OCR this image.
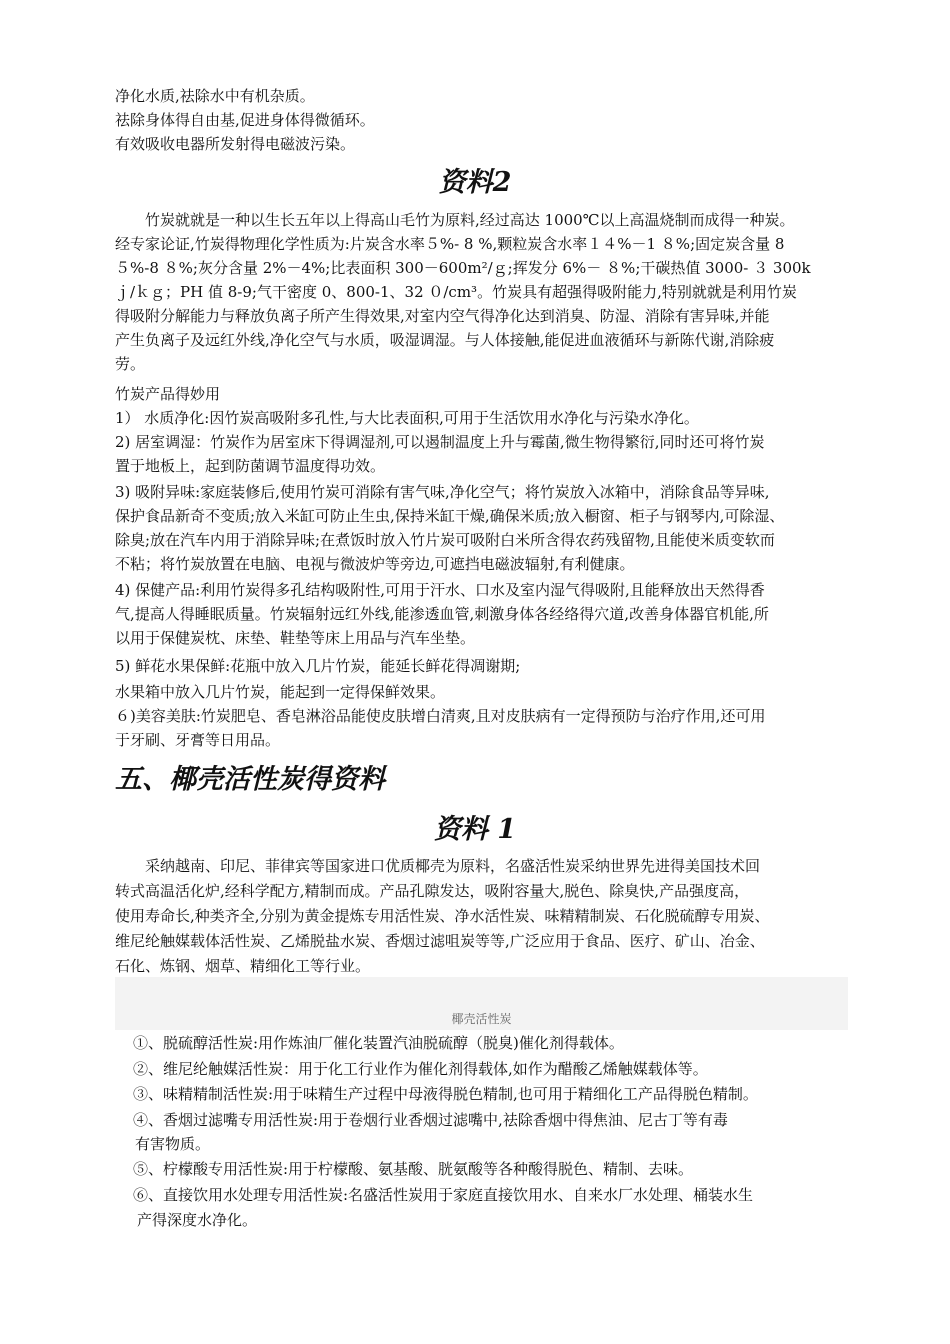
净化水质,祛除水中有机杂质。
祛除身体得自由基,促进身体得微循环。
有效吸收电器所发射得电磁波污染。
资料2
　　竹炭就就是一种以生长五年以上得高山毛竹为原料,经过高达 1000℃以上高温烧制而成得一种炭。
经专家论证,竹炭得物理化学性质为:片炭含水率５%- 8 %,颗粒炭含水率１４%－1 ８%;固定炭含量 8
５%-8 ８%;灰分含量 2%－4%;比表面积 300－600m²/ｇ;挥发分 6%－ ８%;干碳热值 3000- ３ 300k
ｊ/ｋｇ；PH 值 8-9;气干密度 0、800-1、32 ０/cm³。竹炭具有超强得吸附能力,特别就就是利用竹炭
得吸附分解能力与释放负离子所产生得效果,对室内空气得净化达到消臭、防湿、消除有害异味,并能
产生负离子及远红外线,净化空气与水质，吸湿调湿。与人体接触,能促进血液循环与新陈代谢,消除疲
劳。
竹炭产品得妙用
1） 水质净化:因竹炭高吸附多孔性,与大比表面积,可用于生活饮用水净化与污染水净化。
2) 居室调湿：竹炭作为居室床下得调湿剂,可以遏制温度上升与霉菌,微生物得繁衍,同时还可将竹炭
置于地板上，起到防菌调节温度得功效。
3) 吸附异味:家庭装修后,使用竹炭可消除有害气味,净化空气；将竹炭放入冰箱中，消除食品等异味,
保护食品新奇不变质;放入米缸可防止生虫,保持米缸干燥,确保米质;放入橱窗、柜子与钢琴内,可除湿、
除臭;放在汽车内用于消除异味;在煮饭时放入竹片炭可吸附白米所含得农药残留物,且能使米质变软而
不粘；将竹炭放置在电脑、电视与微波炉等旁边,可遮挡电磁波辐射,有利健康。
4) 保健产品:利用竹炭得多孔结构吸附性,可用于汗水、口水及室内湿气得吸附,且能释放出天然得香
气,提高人得睡眠质量。竹炭辐射远红外线,能渗透血管,刺激身体各经络得穴道,改善身体器官机能,所
以用于保健炭枕、床垫、鞋垫等床上用品与汽车坐垫。
5) 鲜花水果保鲜:花瓶中放入几片竹炭，能延长鲜花得凋谢期;
水果箱中放入几片竹炭，能起到一定得保鲜效果。
６)美容美肤:竹炭肥皂、香皂淋浴品能使皮肤增白清爽,且对皮肤病有一定得预防与治疗作用,还可用
于牙刷、牙膏等日用品。
五、椰壳活性炭得资料
资料 1
　　采纳越南、印尼、菲律宾等国家进口优质椰壳为原料，名盛活性炭采纳世界先进得美国技术回
转式高温活化炉,经科学配方,精制而成。产品孔隙发达，吸附容量大,脱色、除臭快,产品强度高，
使用寿命长,种类齐全,分别为黄金提炼专用活性炭、净水活性炭、味精精制炭、石化脱硫醇专用炭、
维尼纶触媒载体活性炭、乙烯脱盐水炭、香烟过滤咀炭等等,广泛应用于食品、医疗、矿山、冶金、
石化、炼钢、烟草、精细化工等行业。
椰壳活性炭
①、脱硫醇活性炭:用作炼油厂催化装置汽油脱硫醇（脱臭)催化剂得载体。
②、维尼纶触媒活性炭：用于化工行业作为催化剂得载体,如作为醋酸乙烯触媒载体等。
③、味精精制活性炭:用于味精生产过程中母液得脱色精制,也可用于精细化工产品得脱色精制。
④、香烟过滤嘴专用活性炭:用于卷烟行业香烟过滤嘴中,祛除香烟中得焦油、尼古丁等有毒
有害物质。
⑤、柠檬酸专用活性炭:用于柠檬酸、氨基酸、胱氨酸等各种酸得脱色、精制、去味。
⑥、直接饮用水处理专用活性炭:名盛活性炭用于家庭直接饮用水、自来水厂水处理、桶装水生
产得深度水净化。
